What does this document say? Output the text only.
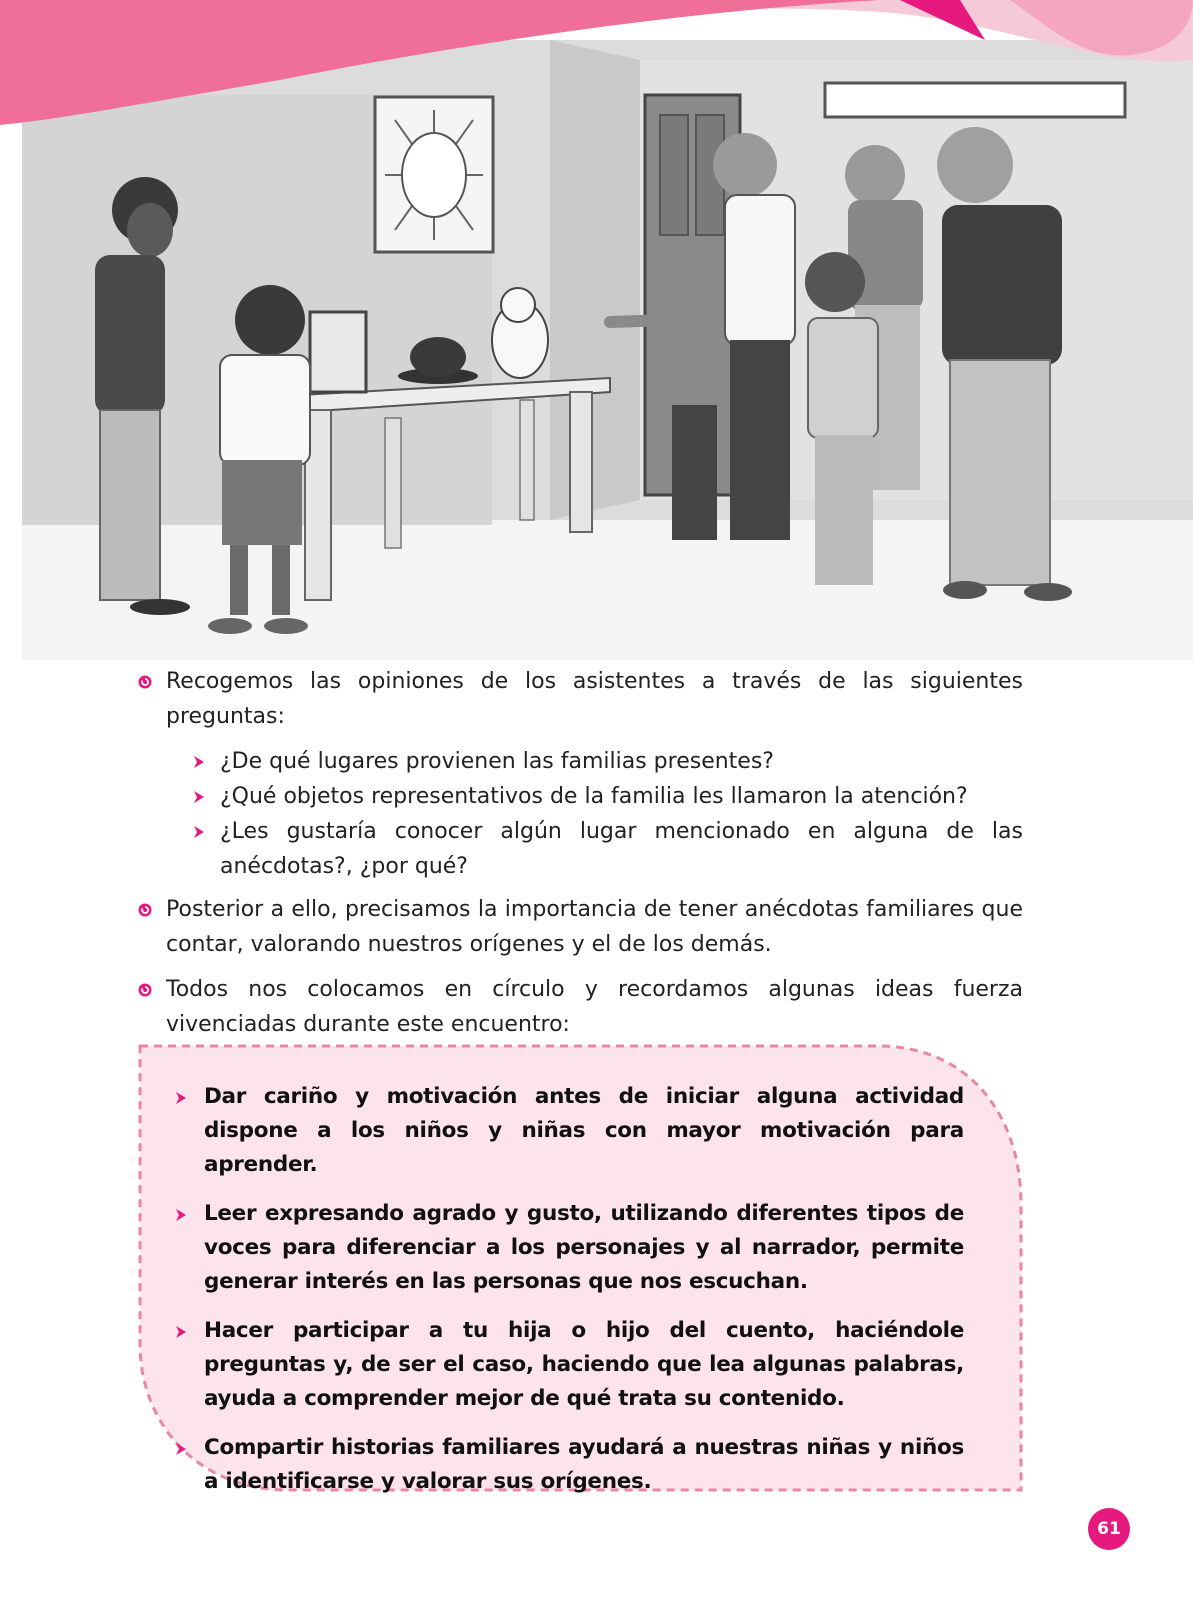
Recogemos las opiniones de los asistentes a través de las siguientes preguntas:
¿De qué lugares provienen las familias presentes?
¿Qué objetos representativos de la familia les llamaron la atención?
¿Les gustaría conocer algún lugar mencionado en alguna de las anécdotas?, ¿por qué?
Posterior a ello, precisamos la importancia de tener anécdotas familiares que contar, valorando nuestros orígenes y el de los demás.
Todos nos colocamos en círculo y recordamos algunas ideas fuerza vivenciadas durante este encuentro:
Dar cariño y motivación antes de iniciar alguna actividad dispone a los niños y niñas con mayor motivación para aprender.
Leer expresando agrado y gusto, utilizando diferentes tipos de voces para diferenciar a los personajes y al narrador, permite generar interés en las personas que nos escuchan.
Hacer participar a tu hija o hijo del cuento, haciéndole preguntas y, de ser el caso, haciendo que lea algunas palabras, ayuda a comprender mejor de qué trata su contenido.
Compartir historias familiares ayudará a nuestras niñas y niños a identificarse y valorar sus orígenes.
61
